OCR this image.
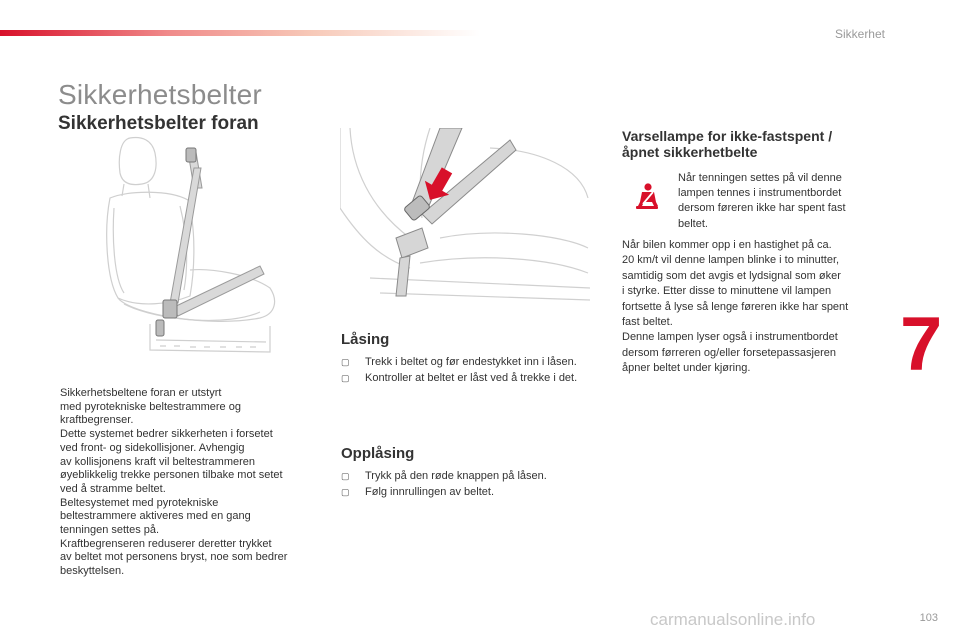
Sikkerhet
Sikkerhetsbelter
Sikkerhetsbelter foran
Sikkerhetsbeltene foran er utstyrt
med pyrotekniske beltestrammere og
kraftbegrenser.
Dette systemet bedrer sikkerheten i forsetet
ved front- og sidekollisjoner. Avhengig
av kollisjonens kraft vil beltestrammeren
øyeblikkelig trekke personen tilbake mot setet
ved å stramme beltet.
Beltesystemet med pyrotekniske
beltestrammere aktiveres med en gang
tenningen settes på.
Kraftbegrenseren reduserer deretter trykket
av beltet mot personens bryst, noe som bedrer
beskyttelsen.
Låsing
▢	Trekk i beltet og før endestykket inn i låsen.
▢	Kontroller at beltet er låst ved å trekke i det.
Opplåsing
▢	Trykk på den røde knappen på låsen.
▢	Følg innrullingen av beltet.
Varsellampe for ikke-fastspent /
åpnet sikkerhetbelte
Når tenningen settes på vil denne
lampen tennes i instrumentbordet
dersom føreren ikke har spent fast
beltet.
Når bilen kommer opp i en hastighet på ca.
20 km/t vil denne lampen blinke i to minutter,
samtidig som det avgis et lydsignal som øker
i styrke. Etter disse to minuttene vil lampen
fortsette å lyse så lenge føreren ikke har spent
fast beltet.
Denne lampen lyser også i instrumentbordet
dersom førreren og/eller forsetepassasjeren
åpner beltet under kjøring.	7
carmanualsonline.info	103
